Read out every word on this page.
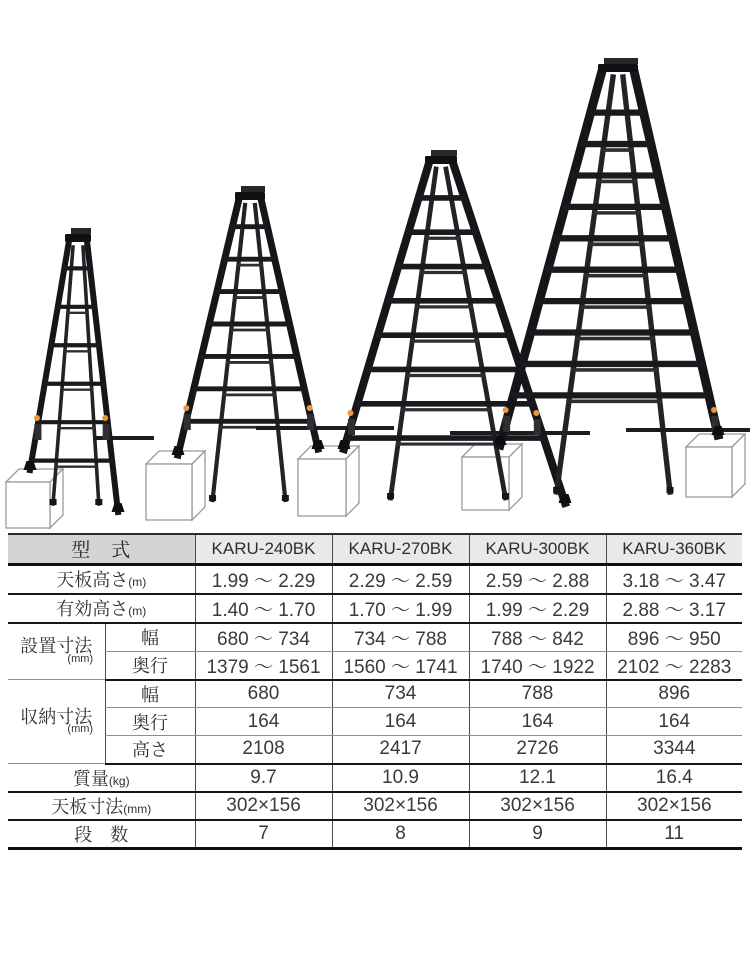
型　式		KARU-240BK	KARU-270BK	KARU-300BK	KARU-360BK
天板高さ(m)		1.99 ～ 2.29	2.29 ～ 2.59	2.59 ～ 2.88	3.18 ～ 3.47
有効高さ(m)		1.40 ～ 1.70	1.70 ～ 1.99	1.99 ～ 2.29	2.88 ～ 3.17

設置寸法
(mm)	幅	680 ～ 734	734 ～ 788	788 ～ 842	896 ～ 950
	奥行	1379 ～ 1561	1560 ～ 1741	1740 ～ 1922	2102 ～ 2283

収納寸法
(mm)	幅	680	734	788	896
	奥行	164	164	164	164
	高さ	2108	2417	2726	3344
質量(kg)		9.7	10.9	12.1	16.4
天板寸法(mm)		302×156	302×156	302×156	302×156
段　数		7	8	9	11
